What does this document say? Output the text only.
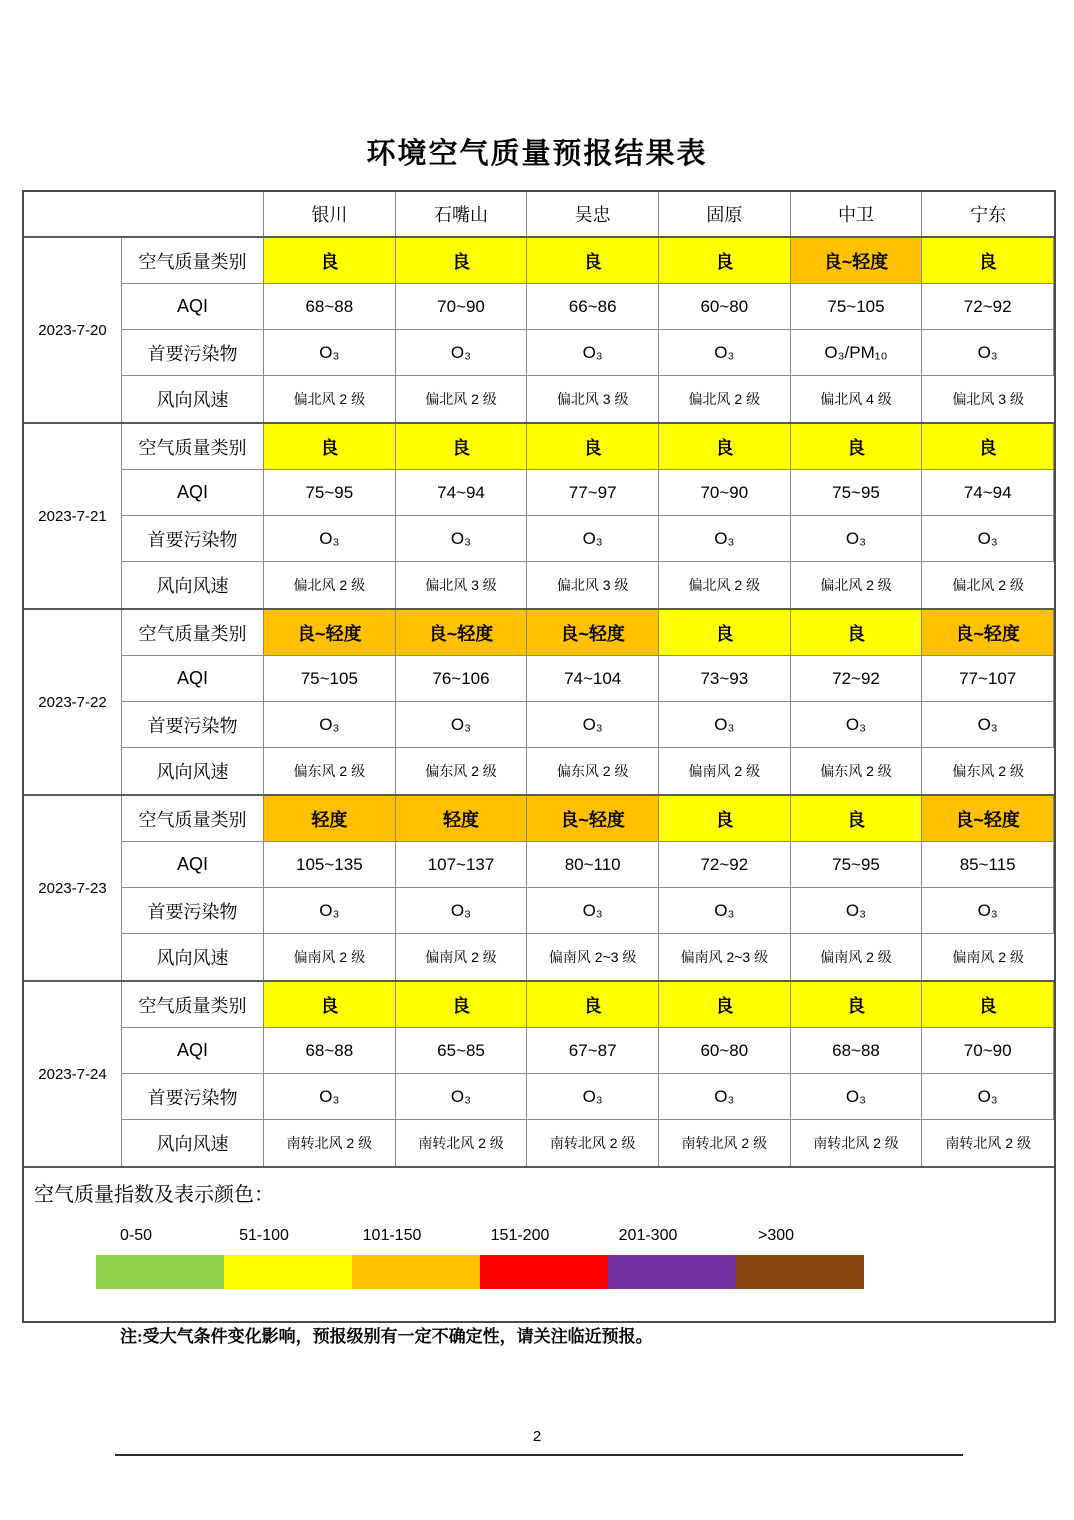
环境空气质量预报结果表
银川	石嘴山	吴忠	固原	中卫	宁东
2023-7-20
空气质量类别	良	良	良	良	良~轻度	良
AQI	68~88	70~90	66~86	60~80	75~105	72~92
首要污染物	O₃	O₃	O₃	O₃	O₃/PM₁₀	O₃
风向风速	偏北风 2 级	偏北风 2 级	偏北风 3 级	偏北风 2 级	偏北风 4 级	偏北风 3 级
2023-7-21
空气质量类别	良	良	良	良	良	良
AQI	75~95	74~94	77~97	70~90	75~95	74~94
首要污染物	O₃	O₃	O₃	O₃	O₃	O₃
风向风速	偏北风 2 级	偏北风 3 级	偏北风 3 级	偏北风 2 级	偏北风 2 级	偏北风 2 级
2023-7-22
空气质量类别	良~轻度	良~轻度	良~轻度	良	良	良~轻度
AQI	75~105	76~106	74~104	73~93	72~92	77~107
首要污染物	O₃	O₃	O₃	O₃	O₃	O₃
风向风速	偏东风 2 级	偏东风 2 级	偏东风 2 级	偏南风 2 级	偏东风 2 级	偏东风 2 级
2023-7-23
空气质量类别	轻度	轻度	良~轻度	良	良	良~轻度
AQI	105~135	107~137	80~110	72~92	75~95	85~115
首要污染物	O₃	O₃	O₃	O₃	O₃	O₃
风向风速	偏南风 2 级	偏南风 2 级	偏南风 2~3 级	偏南风 2~3 级	偏南风 2 级	偏南风 2 级
2023-7-24
空气质量类别	良	良	良	良	良	良
AQI	68~88	65~85	67~87	60~80	68~88	70~90
首要污染物	O₃	O₃	O₃	O₃	O₃	O₃
风向风速	南转北风 2 级	南转北风 2 级	南转北风 2 级	南转北风 2 级	南转北风 2 级	南转北风 2 级
空气质量指数及表示颜色：
0-50	51-100	101-150	151-200	201-300	>300
注:受大气条件变化影响，预报级别有一定不确定性，请关注临近预报。
2
